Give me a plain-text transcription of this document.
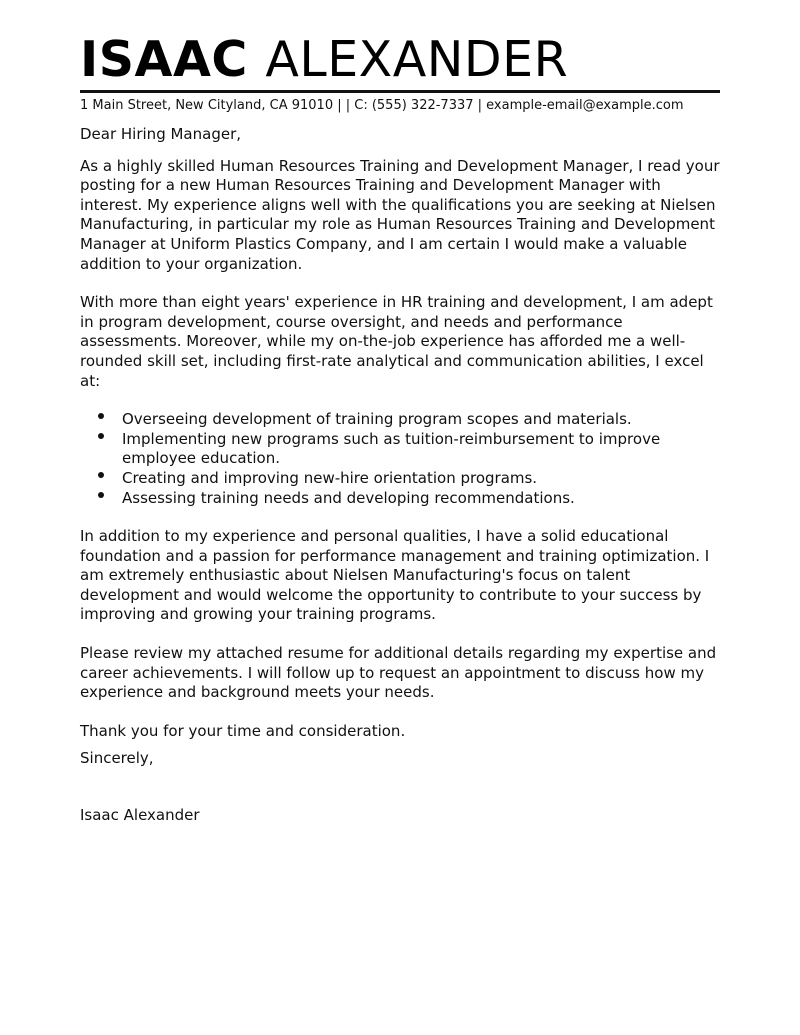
ISAAC ALEXANDER
1 Main Street, New Cityland, CA 91010 | | C: (555) 322-7337 | example-email@example.com
Dear Hiring Manager,
As a highly skilled Human Resources Training and Development Manager, I read your posting for a new Human Resources Training and Development Manager with interest. My experience aligns well with the qualifications you are seeking at Nielsen Manufacturing, in particular my role as Human Resources Training and Development Manager at Uniform Plastics Company, and I am certain I would make a valuable addition to your organization.
With more than eight years' experience in HR training and development, I am adept in program development, course oversight, and needs and performance assessments. Moreover, while my on-the-job experience has afforded me a well-rounded skill set, including first-rate analytical and communication abilities, I excel at:
Overseeing development of training program scopes and materials.
Implementing new programs such as tuition-reimbursement to improve employee education.
Creating and improving new-hire orientation programs.
Assessing training needs and developing recommendations.
In addition to my experience and personal qualities, I have a solid educational foundation and a passion for performance management and training optimization. I am extremely enthusiastic about Nielsen Manufacturing's focus on talent development and would welcome the opportunity to contribute to your success by improving and growing your training programs.
Please review my attached resume for additional details regarding my expertise and career achievements. I will follow up to request an appointment to discuss how my experience and background meets your needs.
Thank you for your time and consideration.
Sincerely,
Isaac Alexander
